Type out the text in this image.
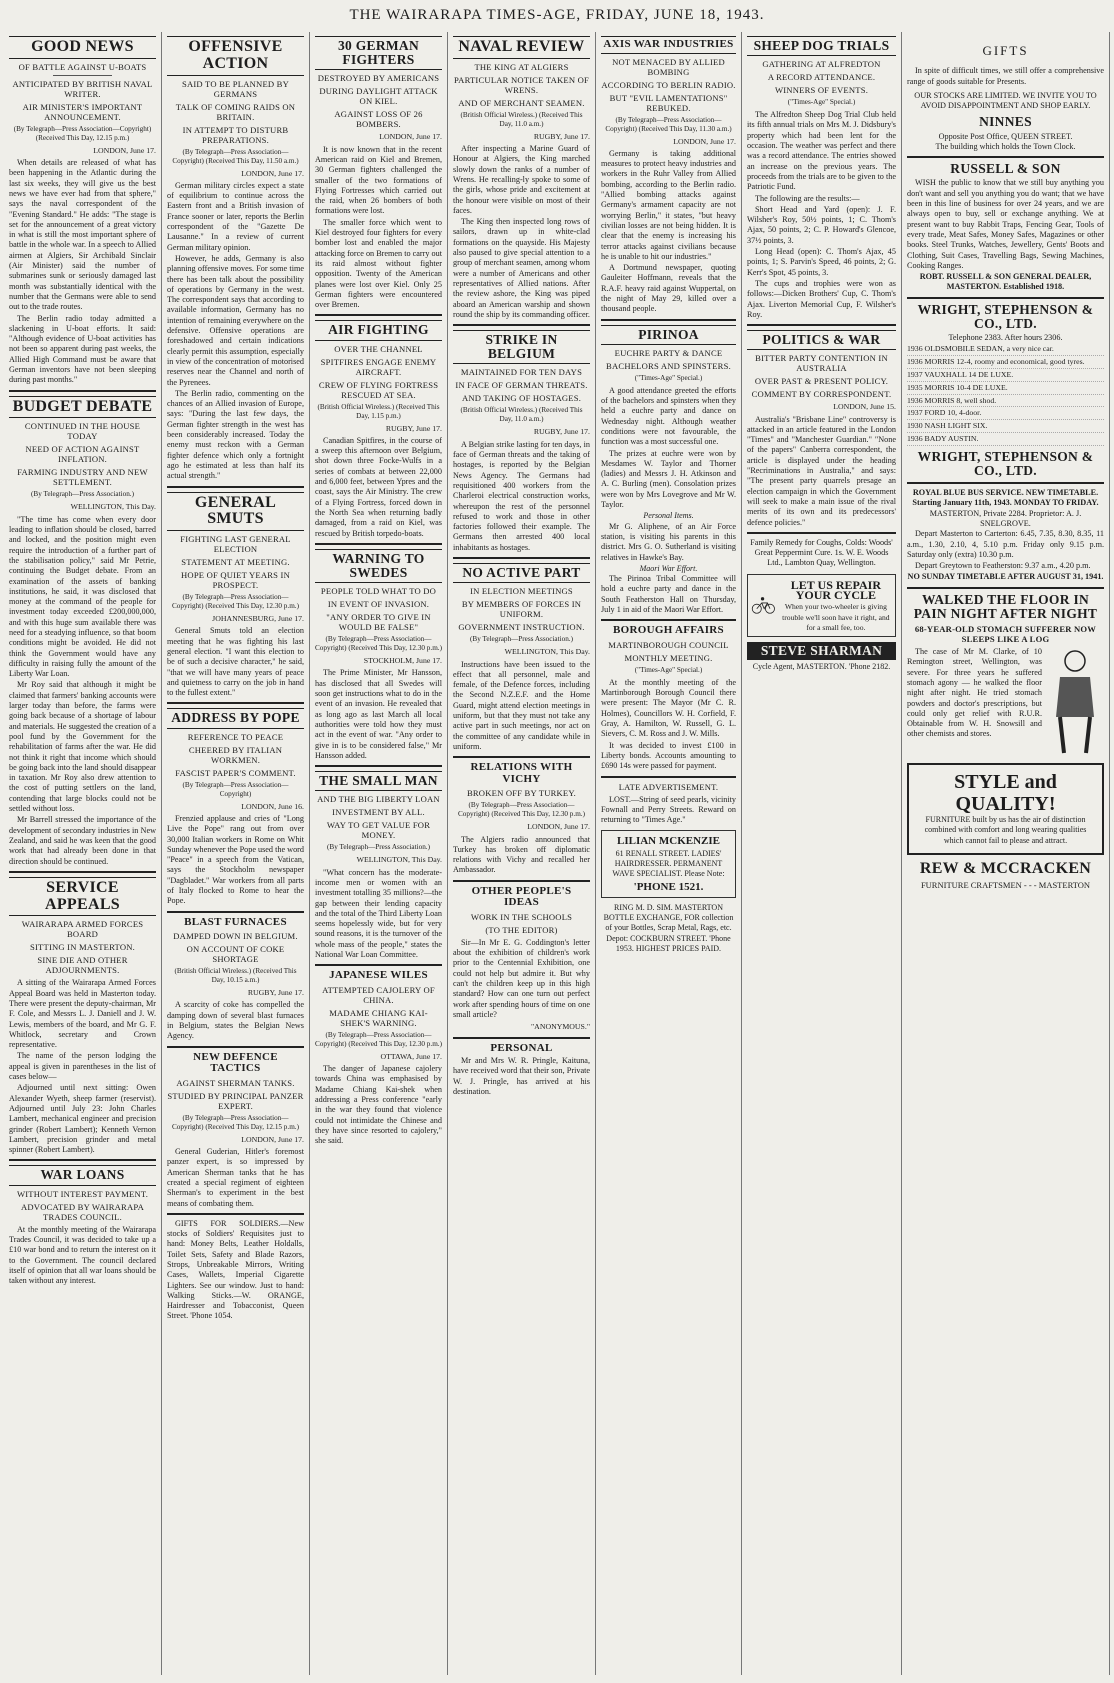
THE WAIRARAPA TIMES-AGE, FRIDAY, JUNE 18, 1943.
GOOD NEWS
OF BATTLE AGAINST U-BOATS
ANTICIPATED BY BRITISH NAVAL WRITER.
AIR MINISTER'S IMPORTANT ANNOUNCEMENT.
(By Telegraph—Press Association—Copyright) (Received This Day, 12.15 p.m.)
LONDON, June 17.

When details are released of what has been happening in the Atlantic during the last six weeks, they will give us the best news we have ever had from that sphere," says the naval correspondent of the "Evening Standard." He adds: "The stage is set for the announcement of a great victory in what is still the most important sphere of battle in the whole war. In a speech to Allied airmen at Algiers, Sir Archibald Sinclair (Air Minister) said the number of submarines sunk or seriously damaged last month was substantially identical with the number that the Germans were able to send out to the trade routes.

The Berlin radio today admitted a slackening in U-boat efforts. It said: "Although evidence of U-boat activities has not been so apparent during past weeks, the Allied High Command must be aware that German inventors have not been sleeping during past months."

BUDGET DEBATE
CONTINUED IN THE HOUSE TODAY
NEED OF ACTION AGAINST INFLATION.
FARMING INDUSTRY AND NEW SETTLEMENT.
(By Telegraph—Press Association.)
WELLINGTON, This Day.

"The time has come when every door leading to inflation should be closed, barred and locked, and the position might even require the introduction of a further part of the stabilisation policy," said Mr Petrie, continuing the Budget debate. From an examination of the assets of banking institutions, he said, it was disclosed that money at the command of the people for investment today exceeded £200,000,000, and with this huge sum available there was need for a steadying influence, so that boom conditions might be avoided. He did not think the Government would have any difficulty in raising fully the amount of the Liberty War Loan.

Mr Roy said that although it might be claimed that farmers' banking accounts were larger today than before, the farms were going back because of a shortage of labour and materials. He suggested the creation of a pool fund by the Government for the rehabilitation of farms after the war. He did not think it right that income which should be going back into the land should disappear in taxation. Mr Roy also drew attention to the cost of putting settlers on the land, contending that large blocks could not be settled without loss.

Mr Barrell stressed the importance of the development of secondary industries in New Zealand, and said he was keen that the good work that had already been done in that direction should be continued.

SERVICE APPEALS
WAIRARAPA ARMED FORCES BOARD
SITTING IN MASTERTON.
SINE DIE AND OTHER ADJOURNMENTS.

A sitting of the Wairarapa Armed Forces Appeal Board was held in Masterton today. There were present the deputy-chairman, Mr F. Cole, and Messrs L. J. Daniell and J. W. Lewis, members of the board, and Mr G. F. Whitlock, secretary and Crown representative.

The name of the person lodging the appeal is given in parentheses in the list of cases below—

Adjourned until next sitting: Owen Alexander Wyeth, sheep farmer (reservist). Adjourned until July 23: John Charles Lambert, mechanical engineer and precision grinder (Robert Lambert); Kenneth Vernon Lambert, precision grinder and metal spinner (Robert Lambert).

WAR LOANS
WITHOUT INTEREST PAYMENT.
ADVOCATED BY WAIRARAPA TRADES COUNCIL.

At the monthly meeting of the Wairarapa Trades Council, it was decided to take up a £10 war bond and to return the interest on it to the Government. The council declared itself of opinion that all war loans should be taken without any interest.

OFFENSIVE ACTION
SAID TO BE PLANNED BY GERMANS
TALK OF COMING RAIDS ON BRITAIN.
IN ATTEMPT TO DISTURB PREPARATIONS.
(By Telegraph—Press Association—Copyright) (Received This Day, 11.50 a.m.)
LONDON, June 17.

German military circles expect a state of equilibrium to continue across the Eastern front and a British invasion of France sooner or later, reports the Berlin correspondent of the "Gazette De Lausanne." In a review of current German military opinion.

However, he adds, Germany is also planning offensive moves. For some time there has been talk about the possibility of operations by Germany in the west. The correspondent says that according to available information, Germany has no intention of remaining everywhere on the defensive. Offensive operations are foreshadowed and certain indications clearly permit this assumption, especially in view of the concentration of motorised reserves near the Channel and north of the Pyrenees.

The Berlin radio, commenting on the chances of an Allied invasion of Europe, says: "During the last few days, the German fighter strength in the west has been considerably increased. Today the enemy must reckon with a German fighter defence which only a fortnight ago he estimated at less than half its actual strength."

GENERAL SMUTS
FIGHTING LAST GENERAL ELECTION
STATEMENT AT MEETING.
HOPE OF QUIET YEARS IN PROSPECT.
(By Telegraph—Press Association—Copyright) (Received This Day, 12.30 p.m.)
JOHANNESBURG, June 17.

General Smuts told an election meeting that he was fighting his last general election. "I want this election to be of such a decisive character," he said, "that we will have many years of peace and quietness to carry on the job in hand to the fullest extent."

ADDRESS BY POPE
REFERENCE TO PEACE
CHEERED BY ITALIAN WORKMEN.
FASCIST PAPER'S COMMENT.
(By Telegraph—Press Association—Copyright)
LONDON, June 16.

Frenzied applause and cries of "Long Live the Pope" rang out from over 30,000 Italian workers in Rome on Whit Sunday whenever the Pope used the word "Peace" in a speech from the Vatican, says the Stockholm newspaper "Dagbladet." War workers from all parts of Italy flocked to Rome to hear the Pope.

BLAST FURNACES
DAMPED DOWN IN BELGIUM.
ON ACCOUNT OF COKE SHORTAGE
(British Official Wireless.) (Received This Day, 10.15 a.m.)
RUGBY, June 17.

A scarcity of coke has compelled the damping down of several blast furnaces in Belgium, states the Belgian News Agency.

NEW DEFENCE TACTICS
AGAINST SHERMAN TANKS.
STUDIED BY PRINCIPAL PANZER EXPERT.
(By Telegraph—Press Association—Copyright) (Received This Day, 12.15 p.m.)
LONDON, June 17.

General Guderian, Hitler's foremost panzer expert, is so impressed by American Sherman tanks that he has created a special regiment of eighteen Sherman's to experiment in the best means of combating them.

GIFTS FOR SOLDIERS.—New stocks of Soldiers' Requisites just to hand: Money Belts, Leather Holdalls, Toilet Sets, Safety and Blade Razors, Strops, Unbreakable Mirrors, Writing Cases, Wallets, Imperial Cigarette Lighters. See our window. Just to hand: Walking Sticks.—W. ORANGE, Hairdresser and Tobacconist, Queen Street. 'Phone 1054.

30 GERMAN FIGHTERS
DESTROYED BY AMERICANS
DURING DAYLIGHT ATTACK ON KIEL.
AGAINST LOSS OF 26 BOMBERS.
LONDON, June 17.

It is now known that in the recent American raid on Kiel and Bremen, 30 German fighters challenged the smaller of the two formations of Flying Fortresses which carried out the raid, when 26 bombers of both formations were lost.

The smaller force which went to Kiel destroyed four fighters for every bomber lost and enabled the major attacking force on Bremen to carry out its raid almost without fighter opposition. Twenty of the American planes were lost over Kiel. Only 25 German fighters were encountered over Bremen.

AIR FIGHTING
OVER THE CHANNEL
SPITFIRES ENGAGE ENEMY AIRCRAFT.
CREW OF FLYING FORTRESS RESCUED AT SEA.
(British Official Wireless.) (Received This Day, 1.15 p.m.)
RUGBY, June 17.

Canadian Spitfires, in the course of a sweep this afternoon over Belgium, shot down three Focke-Wulfs in a series of combats at between 22,000 and 6,000 feet, between Ypres and the coast, says the Air Ministry. The crew of a Flying Fortress, forced down in the North Sea when returning badly damaged, from a raid on Kiel, was rescued by British torpedo-boats.

WARNING TO SWEDES
PEOPLE TOLD WHAT TO DO
IN EVENT OF INVASION.
"ANY ORDER TO GIVE IN WOULD BE FALSE"
(By Telegraph—Press Association—Copyright) (Received This Day, 12.30 p.m.)
STOCKHOLM, June 17.

The Prime Minister, Mr Hansson, has disclosed that all Swedes will soon get instructions what to do in the event of an invasion. He revealed that as long ago as last March all local authorities were told how they must act in the event of war. "Any order to give in is to be considered false," Mr Hansson added.

THE SMALL MAN
AND THE BIG LIBERTY LOAN
INVESTMENT BY ALL.
WAY TO GET VALUE FOR MONEY.
(By Telegraph—Press Association.)
WELLINGTON, This Day.

"What concern has the moderate-income men or women with an investment totalling 35 millions?—the gap between their lending capacity and the total of the Third Liberty Loan seems hopelessly wide, but for very sound reasons, it is the turnover of the whole mass of the people," states the National War Loan Committee.

JAPANESE WILES
ATTEMPTED CAJOLERY OF CHINA.
MADAME CHIANG KAI-SHEK'S WARNING.
(By Telegraph—Press Association—Copyright) (Received This Day, 12.30 p.m.)
OTTAWA, June 17.

The danger of Japanese cajolery towards China was emphasised by Madame Chiang Kai-shek when addressing a Press conference "early in the war they found that violence could not intimidate the Chinese and they have since resorted to cajolery," she said.

NAVAL REVIEW
THE KING AT ALGIERS
PARTICULAR NOTICE TAKEN OF WRENS.
AND OF MERCHANT SEAMEN.
(British Official Wireless.) (Received This Day, 11.0 a.m.)
RUGBY, June 17.

After inspecting a Marine Guard of Honour at Algiers, the King marched slowly down the ranks of a number of Wrens. He recalling-ly spoke to some of the girls, whose pride and excitement at the honour were visible on most of their faces.

The King then inspected long rows of sailors, drawn up in white-clad formations on the quayside. His Majesty also paused to give special attention to a group of merchant seamen, among whom were a number of Americans and other representatives of Allied nations. After the review ashore, the King was piped aboard an American warship and shown round the ship by its commanding officer.

STRIKE IN BELGIUM
MAINTAINED FOR TEN DAYS
IN FACE OF GERMAN THREATS.
AND TAKING OF HOSTAGES.
(British Official Wireless.) (Received This Day, 11.0 a.m.)
RUGBY, June 17.

A Belgian strike lasting for ten days, in face of German threats and the taking of hostages, is reported by the Belgian News Agency. The Germans had requisitioned 400 workers from the Charleroi electrical construction works, whereupon the rest of the personnel refused to work and those in other factories followed their example. The Germans then arrested 400 local inhabitants as hostages.

NO ACTIVE PART
IN ELECTION MEETINGS
BY MEMBERS OF FORCES IN UNIFORM.
GOVERNMENT INSTRUCTION.
(By Telegraph—Press Association.)
WELLINGTON, This Day.

Instructions have been issued to the effect that all personnel, male and female, of the Defence forces, including the Second N.Z.E.F. and the Home Guard, might attend election meetings in uniform, but that they must not take any active part in such meetings, nor act on the committee of any candidate while in uniform.

RELATIONS WITH VICHY
BROKEN OFF BY TURKEY.
(By Telegraph—Press Association—Copyright) (Received This Day, 12.30 p.m.)
LONDON, June 17.

The Algiers radio announced that Turkey has broken off diplomatic relations with Vichy and recalled her Ambassador.

OTHER PEOPLE'S IDEAS
WORK IN THE SCHOOLS
(TO THE EDITOR)

Sir—In Mr E. G. Coddington's letter about the exhibition of children's work prior to the Centennial Exhibition, one could not help but admire it. But why can't the children keep up in this high standard? How can one turn out perfect work after spending hours of time on one small article?

"ANONYMOUS."
PERSONAL

Mr and Mrs W. R. Pringle, Kaituna, have received word that their son, Private W. J. Pringle, has arrived at his destination.

AXIS WAR INDUSTRIES
NOT MENACED BY ALLIED BOMBING
ACCORDING TO BERLIN RADIO.
BUT "EVIL LAMENTATIONS" REBUKED.
(By Telegraph—Press Association—Copyright) (Received This Day, 11.30 a.m.)
LONDON, June 17.

Germany is taking additional measures to protect heavy industries and workers in the Ruhr Valley from Allied bombing, according to the Berlin radio. "Allied bombing attacks against Germany's armament capacity are not worrying Berlin," it states, "but heavy civilian losses are not being hidden. It is clear that the enemy is increasing his terror attacks against civilians because he is unable to hit our industries."

A Dortmund newspaper, quoting Gauleiter Hoffmann, reveals that the R.A.F. heavy raid against Wuppertal, on the night of May 29, killed over a thousand people.

PIRINOA
EUCHRE PARTY & DANCE
BACHELORS AND SPINSTERS.
("Times-Age" Special.)

A good attendance greeted the efforts of the bachelors and spinsters when they held a euchre party and dance on Wednesday night. Although weather conditions were not favourable, the function was a most successful one.

The prizes at euchre were won by Mesdames W. Taylor and Thorner (ladies) and Messrs J. H. Atkinson and A. C. Burling (men). Consolation prizes were won by Mrs Lovegrove and Mr W. Taylor.

Personal Items.

Mr G. Aliphene, of an Air Force station, is visiting his parents in this district. Mrs G. O. Sutherland is visiting relatives in Hawke's Bay.

Maori War Effort.

The Pirinoa Tribal Committee will hold a euchre party and dance in the South Featherston Hall on Thursday, July 1 in aid of the Maori War Effort.

BOROUGH AFFAIRS
MARTINBOROUGH COUNCIL
MONTHLY MEETING.
("Times-Age" Special.)

At the monthly meeting of the Martinborough Borough Council there were present: The Mayor (Mr C. R. Holmes), Councillors W. H. Corfield, F. Gray, A. Hamilton, W. Russell, G. L. Sievers, C. M. Ross and J. W. Mills.

It was decided to invest £100 in Liberty bonds. Accounts amounting to £690 14s were passed for payment.

LATE ADVERTISEMENT.

LOST.—String of seed pearls, vicinity Fownall and Perry Streets. Reward on returning to "Times Age."

LILIAN MCKENZIE
61 RENALL STREET. LADIES' HAIRDRESSER. PERMANENT WAVE SPECIALIST. Please Note:
'PHONE 1521.
RING M. D. SIM. MASTERTON BOTTLE EXCHANGE, FOR collection of your Bottles, Scrap Metal, Rags, etc. Depot: COCKBURN STREET. 'Phone 1953. HIGHEST PRICES PAID.
SHEEP DOG TRIALS
GATHERING AT ALFREDTON
A RECORD ATTENDANCE.
WINNERS OF EVENTS.
("Times-Age" Special.)

The Alfredton Sheep Dog Trial Club held its fifth annual trials on Mrs M. J. Didsbury's property which had been lent for the occasion. The weather was perfect and there was a record attendance. The entries showed an increase on the previous years. The proceeds from the trials are to be given to the Patriotic Fund.

The following are the results:—

Short Head and Yard (open): J. F. Wilsher's Roy, 50½ points, 1; C. Thom's Ajax, 50 points, 2; C. P. Howard's Glencoe, 37½ points, 3.

Long Head (open): C. Thom's Ajax, 45 points, 1; S. Parvin's Speed, 46 points, 2; G. Kerr's Spot, 45 points, 3.

The cups and trophies were won as follows:—Dicken Brothers' Cup, C. Thom's Ajax. Liverton Memorial Cup, F. Wilsher's Roy.

POLITICS & WAR
BITTER PARTY CONTENTION IN AUSTRALIA
OVER PAST & PRESENT POLICY.
COMMENT BY CORRESPONDENT.
LONDON, June 15.

Australia's "Brisbane Line" controversy is attacked in an article featured in the London "Times" and "Manchester Guardian." "None of the papers" Canberra correspondent, the article is displayed under the heading "Recriminations in Australia," and says: "The present party quarrels presage an election campaign in which the Government will seek to make a main issue of the rival merits of its own and its predecessors' defence policies."

Family Remedy for Coughs, Colds: Woods' Great Peppermint Cure. 1s. W. E. Woods Ltd., Lambton Quay, Wellington.

LET US REPAIR YOUR CYCLE
When your two-wheeler is giving trouble we'll soon have it right, and for a small fee, too.
STEVE SHARMAN
Cycle Agent, MASTERTON. 'Phone 2182.
GIFTS

In spite of difficult times, we still offer a comprehensive range of goods suitable for Presents.

OUR STOCKS ARE LIMITED. WE INVITE YOU TO AVOID DISAPPOINTMENT AND SHOP EARLY.

NINNES
Opposite Post Office, QUEEN STREET.
The building which holds the Town Clock.
RUSSELL & SON

WISH the public to know that we still buy anything you don't want and sell you anything you do want; that we have been in this line of business for over 24 years, and we are always open to buy, sell or exchange anything. We at present want to buy Rabbit Traps, Fencing Gear, Tools of every trade, Meat Safes, Money Safes, Magazines or other books. Steel Trunks, Watches, Jewellery, Gents' Boots and Clothing, Suit Cases, Travelling Bags, Sewing Machines, Cooking Ranges.

ROBT. RUSSELL & SON GENERAL DEALER, MASTERTON. Established 1918.
WRIGHT, STEPHENSON & CO., LTD.
Telephone 2383. After hours 2306.
1936 OLDSMOBILE SEDAN, a very nice car.
1936 MORRIS 12-4, roomy and economical, good tyres.
1937 VAUXHALL 14 DE LUXE.
1935 MORRIS 10-4 DE LUXE.
1936 MORRIS 8, well shod.
1937 FORD 10, 4-door.
1930 NASH LIGHT SIX.
1936 BADY AUSTIN.
WRIGHT, STEPHENSON & CO., LTD.
ROYAL BLUE BUS SERVICE. NEW TIMETABLE. Starting January 11th, 1943. MONDAY TO FRIDAY.
MASTERTON, Private 2284. Proprietor: A. J. SNELGROVE.

Depart Masterton to Carterton: 6.45, 7.35, 8.30, 8.35, 11 a.m., 1.30, 2.10, 4, 5.10 p.m. Friday only 9.15 p.m. Saturday only (extra) 10.30 p.m.

Depart Greytown to Featherston: 9.37 a.m., 4.20 p.m.

NO SUNDAY TIMETABLE AFTER AUGUST 31, 1941.
WALKED THE FLOOR IN PAIN NIGHT AFTER NIGHT
68-YEAR-OLD STOMACH SUFFERER NOW SLEEPS LIKE A LOG

The case of Mr M. Clarke, of 10 Remington street, Wellington, was severe. For three years he suffered stomach agony — he walked the floor night after night. He tried stomach powders and doctor's prescriptions, but could only get relief with R.U.R. Obtainable from W. H. Snowsill and other chemists and stores.

STYLE and QUALITY!

FURNITURE built by us has the air of distinction combined with comfort and long wearing qualities which cannot fail to please and attract.

REW & MCCRACKEN
FURNITURE CRAFTSMEN - - - MASTERTON
